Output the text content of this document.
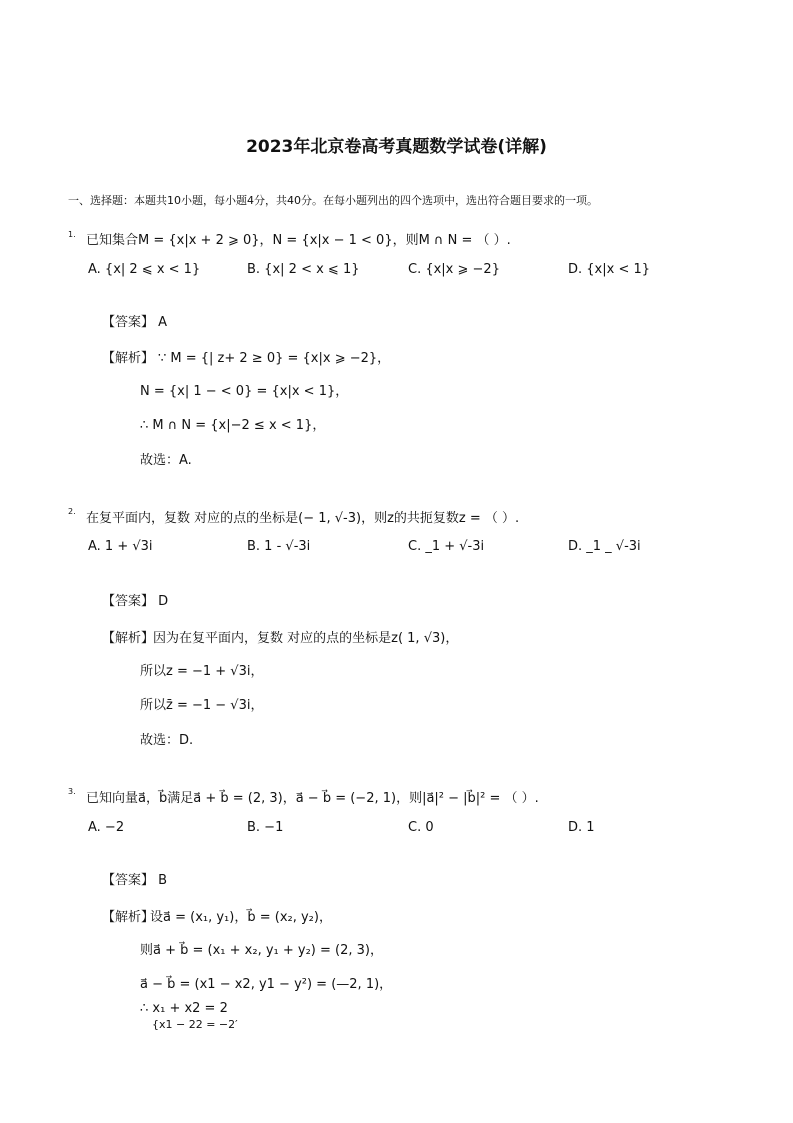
2023年北京卷高考真题数学试卷(详解)
一、选择题：本题共10小题，每小题4分，共40分。在每小题列出的四个选项中，选出符合题目要求的一项。
1. 已知集合M = {x|x + 2 ⩾ 0}，N = {x|x − 1 < 0}，则M ∩ N = （ ）.
A. {x| 2 ⩽ x < 1}	B. {x| 2 < x ⩽ 1}	C. {x|x ⩾ −2}	D. {x|x < 1}
【答案】 A
【解析】 ∵ M = {| z+ 2 ≥ 0} = {x|x ⩾ −2}，
N = {x| 1 − < 0} = {x|x < 1}，
∴ M ∩ N = {x|−2 ≤ x < 1}，
故选：A.
2. 在复平面内，复数 对应的点的坐标是(− 1, √-3)，则z的共扼复数z = （ ）.
A. 1 + √3i	B. 1 - √-3i	C. _1 + √-3i	D. _1 _ √-3i
【答案】 D
【解析】
因为在复平面内，复数 对应的点的坐标是z( 1, √3)，
所以z = −1 + √3i，
所以z̄ = −1 − √3i，
故选：D.
3. 已知向量a⃗，b⃗满足a⃗ + b⃗ = (2, 3)，a⃗ − b⃗ = (−2, 1)，则|a⃗|² − |b⃗|² = （ ）.
A. −2	B. −1	C. 0	D. 1
【答案】 B
【解析】
设a⃗ = (x₁, y₁)，b⃗ = (x₂, y₂)，
则a⃗ + b⃗ = (x₁ + x₂, y₁ + y₂) = (2, 3)，
a⃗ − b⃗ = (x1 − x2, y1 − y²) = (—2, 1)，
∴ x₁ + x2 = 2
{x1 − 22 = −2′
